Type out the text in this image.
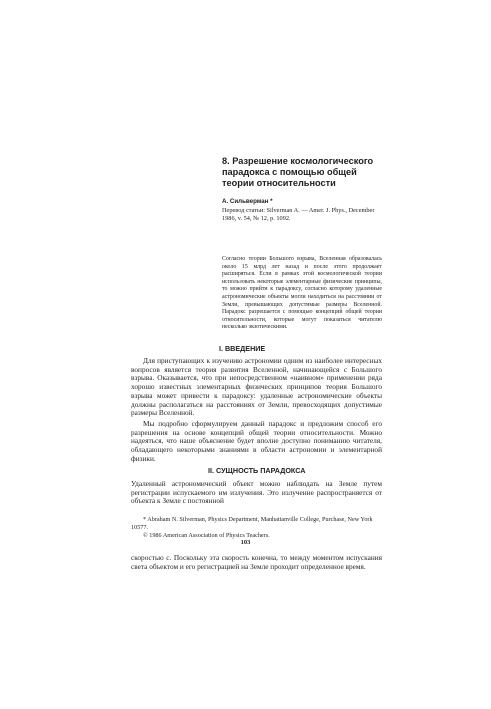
8. Разрешение космологического парадокса с помощью общей теории относительности
А. Сильверман *
Перевод статьи: Silverman A. — Amer. J. Phys., December 1986, v. 54, № 12, p. 1092.
Согласно теории Большого взрыва, Вселенная образовалась около 15 млрд лет назад и после этого продолжает расширяться. Если в рамках этой космологической теории использовать некоторые элементарные физические принципы, то можно прийти к парадоксу, согласно которому удаленные астрономические объекты могли находиться на расстоянии от Земли, превышающих допустимые размеры Вселенной. Парадокс разрешается с помощью концепций общей теории относительности, которые могут показаться читателю несколько экзотическими.
I. ВВЕДЕНИЕ

Для приступающих к изучению астрономии одним из наиболее интересных вопросов является теория развития Вселенной, начинающейся с Большого взрыва. Оказывается, что при непосредственном «наивном» применении ряда хорошо известных элементарных физических принципов теория Большого взрыва может привести к парадоксу: удаленные астрономические объекты должны располагаться на расстояниях от Земли, превосходящих допустимые размеры Вселенной.

Мы подробно сформулируем данный парадокс и предложим способ его разрешения на основе концепций общей теории относительности. Можно надеяться, что наше объяснение будет вполне доступно пониманию читателя, обладающего некоторыми знаниями в области астрономии и элементарной физики.

II. СУЩНОСТЬ ПАРАДОКСА

Удаленный астрономический объект можно наблюдать на Земле путем регистрации испускаемого им излучения. Это излучение распространяется от объекта к Земле с постоянной

* Abraham N. Silverman, Physics Department, Manhattanville College, Purchase, New York 10577.

© 1986 American Association of Physics Teachers.

103

скоростью c. Поскольку эта скорость конечна, то между моментом испускания света объектом и его регистрацией на Земле проходит определенное время.
